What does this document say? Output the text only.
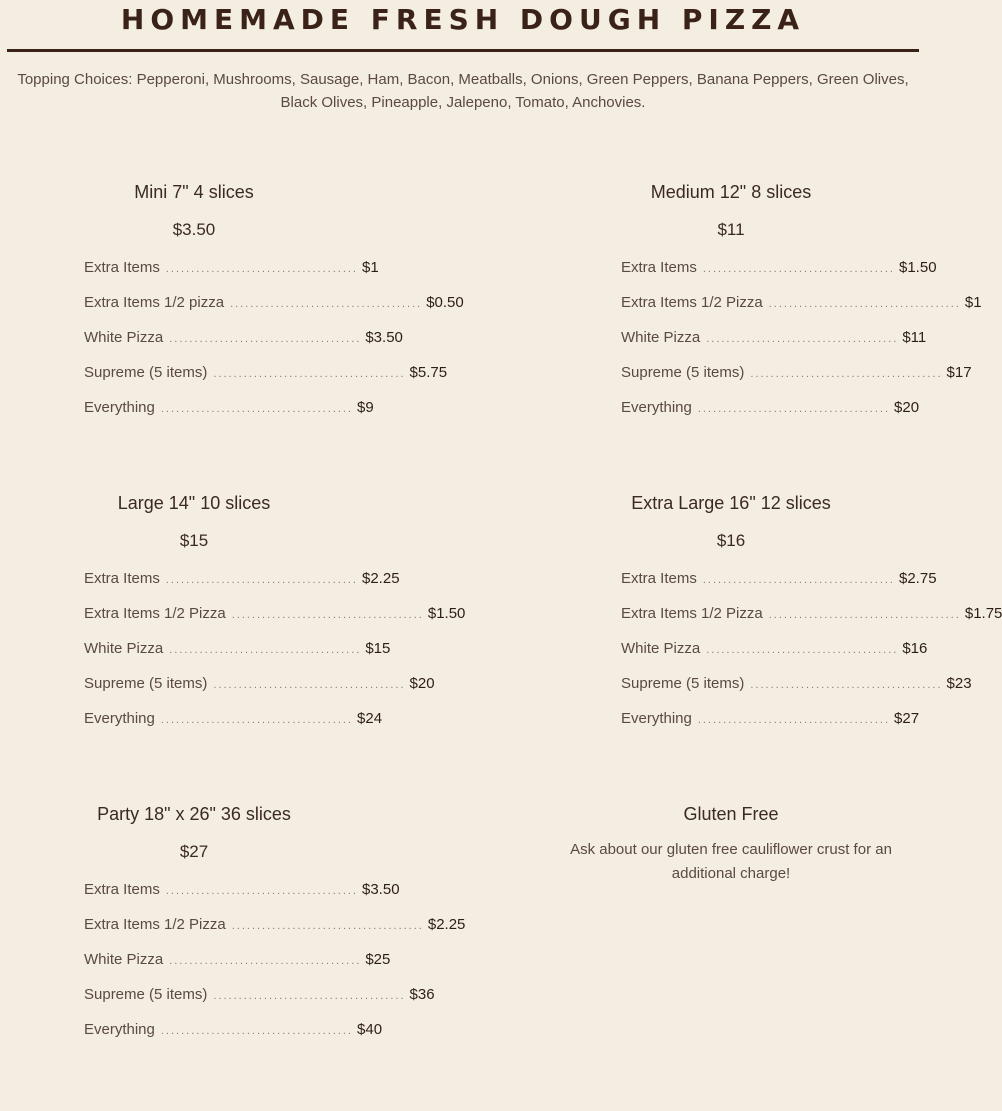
HOMEMADE FRESH DOUGH PIZZA
Topping Choices: Pepperoni, Mushrooms, Sausage, Ham, Bacon, Meatballs, Onions, Green Peppers, Banana Peppers, Green Olives, Black Olives, Pineapple, Jalepeno, Tomato, Anchovies.
Mini 7" 4 slices
$3.50
Extra Items ...................................... $1
Extra Items 1/2 pizza ...................................... $0.50
White Pizza ...................................... $3.50
Supreme (5 items) ...................................... $5.75
Everything ...................................... $9
Medium 12" 8 slices
$11
Extra Items ...................................... $1.50
Extra Items 1/2 Pizza ...................................... $1
White Pizza ...................................... $11
Supreme (5 items) ...................................... $17
Everything ...................................... $20
Large 14" 10 slices
$15
Extra Items ...................................... $2.25
Extra Items 1/2 Pizza ...................................... $1.50
White Pizza ...................................... $15
Supreme (5 items) ...................................... $20
Everything ...................................... $24
Extra Large 16" 12 slices
$16
Extra Items ...................................... $2.75
Extra Items 1/2 Pizza ...................................... $1.75
White Pizza ...................................... $16
Supreme (5 items) ...................................... $23
Everything ...................................... $27
Party 18" x 26" 36 slices
$27
Extra Items ...................................... $3.50
Extra Items 1/2 Pizza ...................................... $2.25
White Pizza ...................................... $25
Supreme (5 items) ...................................... $36
Everything ...................................... $40
Gluten Free
Ask about our gluten free cauliflower crust for an additional charge!
